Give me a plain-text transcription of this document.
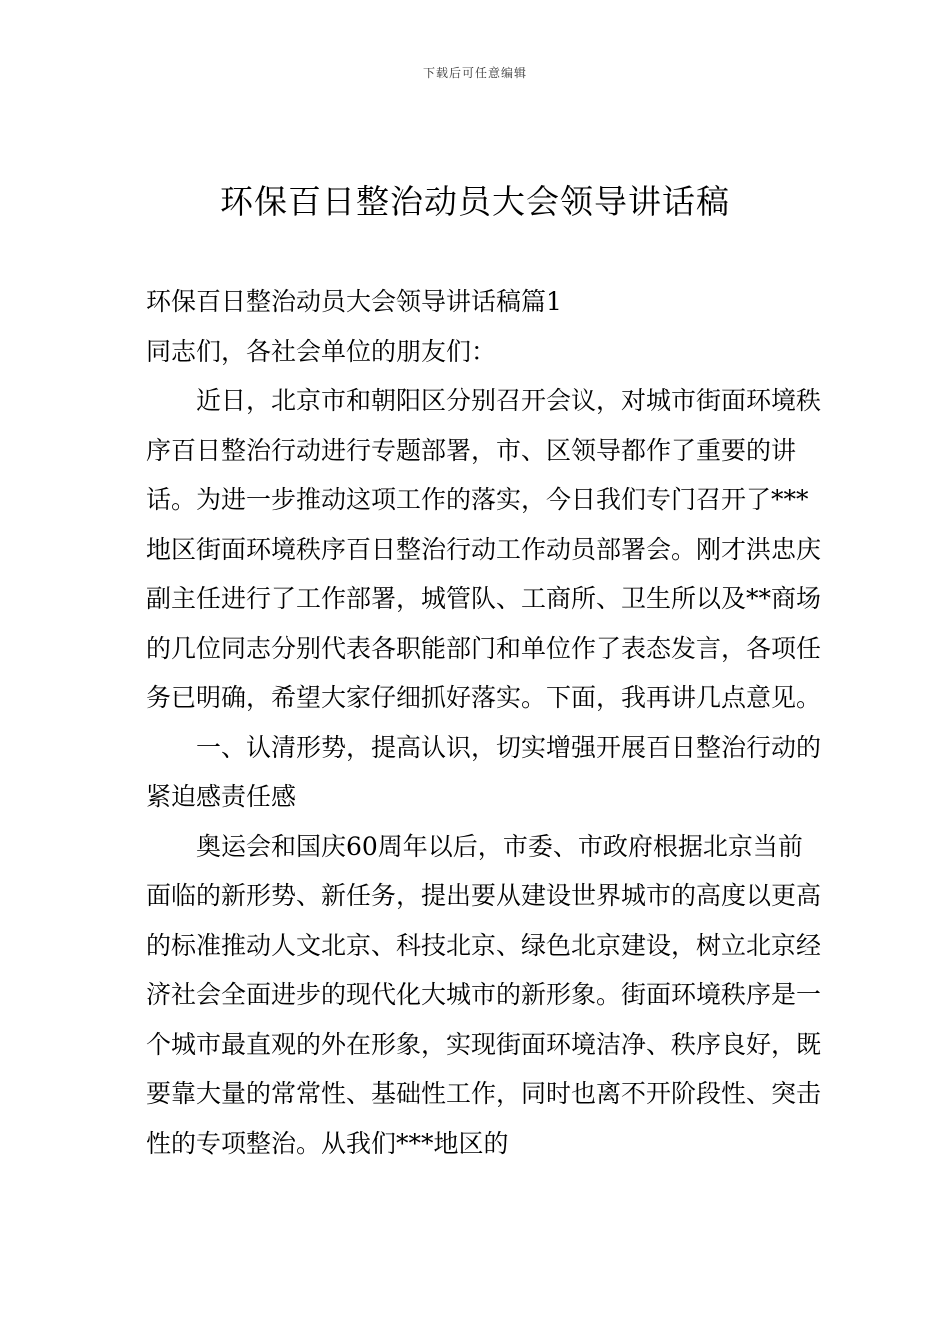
下载后可任意编辑
环保百日整治动员大会领导讲话稿

环保百日整治动员大会领导讲话稿篇1

同志们，各社会单位的朋友们：

近日，北京市和朝阳区分别召开会议，对城市街面环境秩序百日整治行动进行专题部署，市、区领导都作了重要的讲话。为进一步推动这项工作的落实，今日我们专门召开了***地区街面环境秩序百日整治行动工作动员部署会。刚才洪忠庆副主任进行了工作部署，城管队、工商所、卫生所以及**商场的几位同志分别代表各职能部门和单位作了表态发言，各项任务已明确，希望大家仔细抓好落实。下面，我再讲几点意见。

一、认清形势，提高认识，切实增强开展百日整治行动的紧迫感责任感

奥运会和国庆60周年以后，市委、市政府根据北京当前面临的新形势、新任务，提出要从建设世界城市的高度以更高的标准推动人文北京、科技北京、绿色北京建设，树立北京经济社会全面进步的现代化大城市的新形象。街面环境秩序是一个城市最直观的外在形象，实现街面环境洁净、秩序良好，既要靠大量的常常性、基础性工作，同时也离不开阶段性、突击性的专项整治。从我们***地区的
